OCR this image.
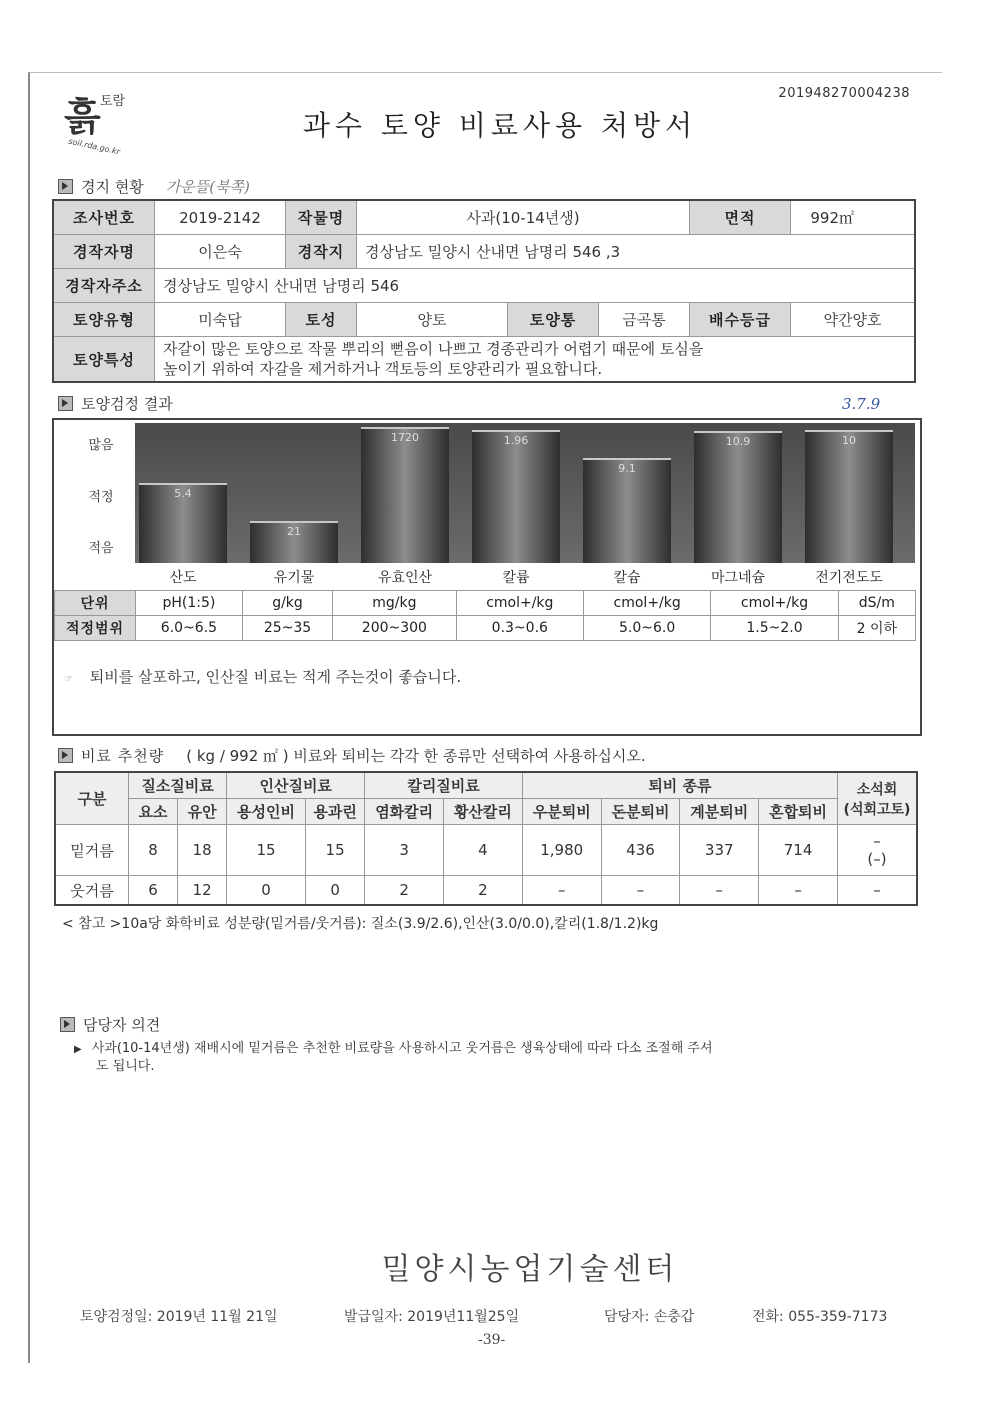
흙 토람
soil.rda.go.kr
201948270004238
과수 토양 비료사용 처방서
경지 현황 가운뜰(북쪽)
조사번호	2019-2142	작물명	사과(10-14년생)			면적	992㎡
경작자명	이은숙	경작지	경상남도 밀양시 산내면 남명리 546 ,3				
경작자주소	경상남도 밀양시 산내면 남명리 546						
토양유형	미숙답	토성	양토	토양통	금곡통	배수등급	약간양호
토양특성	자갈이 많은 토양으로 작물 뿌리의 뻗음이 나쁘고 경종관리가 어렵기 때문에 토심을
높이기 위하여 자갈을 제거하거나 객토등의 토양관리가 필요합니다.						
토양검정 결과	3.7.9
많음
적정
적음
5.4
21
1720	1.96
9.1
10.9	10
산도	유기물	유효인산	칼륨	칼슘	마그네슘	전기전도도
단위	pH(1:5)	g/kg	mg/kg	cmol+/kg	cmol+/kg	cmol+/kg	dS/m
적정범위	6.0~6.5	25~35	200~300	0.3~0.6	5.0~6.0	1.5~2.0	2 이하
☞ 퇴비를 살포하고, 인산질 비료는 적게 주는것이 좋습니다.
비료 추천량 ( kg / 992 ㎡ ) 비료와 퇴비는 각각 한 종류만 선택하여 사용하십시오.
구분	질소질비료		인산질비료		칼리질비료		퇴비 종류				소석회
(석회고토)

	요소	유안	용성인비	용과린	염화칼리	황산칼리	우분퇴비	돈분퇴비	계분퇴비	혼합퇴비	
밑거름	8	18	15	15	3	4	1,980	436	337	714	–
(–)

웃거름	6	12	0	0	2	2	–	–	–	–	–
< 참고 >10a당 화학비료 성분량(밑거름/웃거름): 질소(3.9/2.6),인산(3.0/0.0),칼리(1.8/1.2)kg
담당자 의견
▶ 사과(10-14년생) 재배시에 밑거름은 추천한 비료량을 사용하시고 웃거름은 생육상태에 따라 다소 조절해 주셔
도 됩니다.
밀양시농업기술센터
토양검정일: 2019년 11월 21일	발급일자: 2019년11월25일	담당자: 손충갑	전화: 055-359-7173
-39-
